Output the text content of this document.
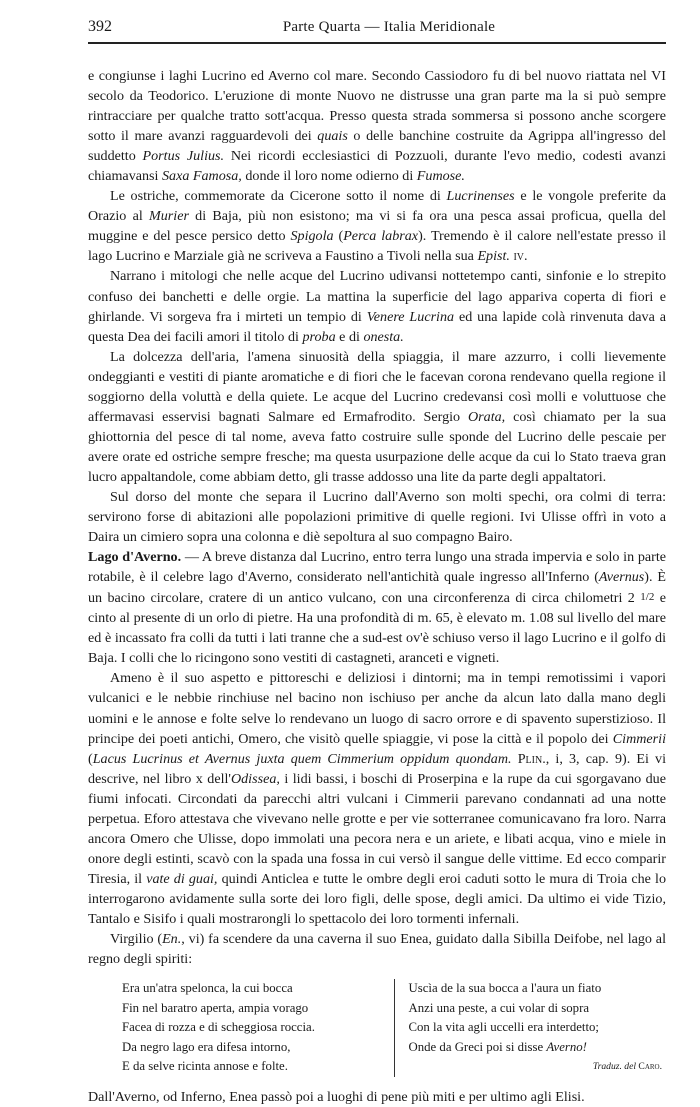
392	Parte Quarta — Italia Meridionale

e congiunse i laghi Lucrino ed Averno col mare. Secondo Cassiodoro fu di bel nuovo riattata nel VI secolo da Teodorico. L'eruzione di monte Nuovo ne distrusse una gran parte ma la si può sempre rintracciare per qualche tratto sott'acqua. Presso questa strada sommersa si possono anche scorgere sotto il mare avanzi ragguardevoli dei quais o delle banchine costruite da Agrippa all'ingresso del suddetto Portus Julius. Nei ricordi ecclesiastici di Pozzuoli, durante l'evo medio, codesti avanzi chiamavansi Saxa Famosa, donde il loro nome odierno di Fumose.

Le ostriche, commemorate da Cicerone sotto il nome di Lucrinenses e le vongole preferite da Orazio al Murier di Baja, più non esistono; ma vi si fa ora una pesca assai proficua, quella del muggine e del pesce persico detto Spigola (Perca labrax). Tremendo è il calore nell'estate presso il lago Lucrino e Marziale già ne scriveva a Faustino a Tivoli nella sua Epist. iv.

Narrano i mitologi che nelle acque del Lucrino udivansi nottetempo canti, sinfonie e lo strepito confuso dei banchetti e delle orgie. La mattina la superficie del lago appariva coperta di fiori e ghirlande. Vi sorgeva fra i mirteti un tempio di Venere Lucrina ed una lapide colà rinvenuta dava a questa Dea dei facili amori il titolo di proba e di onesta.

La dolcezza dell'aria, l'amena sinuosità della spiaggia, il mare azzurro, i colli lievemente ondeggianti e vestiti di piante aromatiche e di fiori che le facevan corona rendevano quella regione il soggiorno della voluttà e della quiete. Le acque del Lucrino credevansi così molli e voluttuose che affermavasi esservisi bagnati Salmare ed Ermafrodito. Sergio Orata, così chiamato per la sua ghiottornia del pesce di tal nome, aveva fatto costruire sulle sponde del Lucrino delle pescaie per avere orate ed ostriche sempre fresche; ma questa usurpazione delle acque da cui lo Stato traeva gran lucro appaltandole, come abbiam detto, gli trasse addosso una lite da parte degli appaltatori.

Sul dorso del monte che separa il Lucrino dall'Averno son molti spechi, ora colmi di terra: servirono forse di abitazioni alle popolazioni primitive di quelle regioni. Ivi Ulisse offrì in voto a Daira un cimiero sopra una colonna e diè sepoltura al suo compagno Bairo.

Lago d'Averno. — A breve distanza dal Lucrino, entro terra lungo una strada impervia e solo in parte rotabile, è il celebre lago d'Averno, considerato nell'antichità quale ingresso all'Inferno (Avernus). È un bacino circolare, cratere di un antico vulcano, con una circonferenza di circa chilometri 2 1/2 e cinto al presente di un orlo di pietre. Ha una profondità di m. 65, è elevato m. 1.08 sul livello del mare ed è incassato fra colli da tutti i lati tranne che a sud-est ov'è schiuso verso il lago Lucrino e il golfo di Baja. I colli che lo ricingono sono vestiti di castagneti, aranceti e vigneti.

Ameno è il suo aspetto e pittoreschi e deliziosi i dintorni; ma in tempi remotissimi i vapori vulcanici e le nebbie rinchiuse nel bacino non ischiuso per anche da alcun lato dalla mano degli uomini e le annose e folte selve lo rendevano un luogo di sacro orrore e di spavento superstizioso. Il principe dei poeti antichi, Omero, che visitò quelle spiaggie, vi pose la città e il popolo dei Cimmerii (Lacus Lucrinus et Avernus juxta quem Cimmerium oppidum quondam. Plin., i, 3, cap. 9). Ei vi descrive, nel libro x dell'Odissea, i lidi bassi, i boschi di Proserpina e la rupe da cui sgorgavano due fiumi infocati. Circondati da parecchi altri vulcani i Cimmerii parevano condannati ad una notte perpetua. Eforo attestava che vivevano nelle grotte e per vie sotterranee comunicavano fra loro. Narra ancora Omero che Ulisse, dopo immolati una pecora nera e un ariete, e libati acqua, vino e miele in onore degli estinti, scavò con la spada una fossa in cui versò il sangue delle vittime. Ed ecco comparir Tiresia, il vate di guai, quindi Anticlea e tutte le ombre degli eroi caduti sotto le mura di Troia che lo interrogarono avidamente sulla sorte dei loro figli, delle spose, degli amici. Da ultimo ei vide Tizio, Tantalo e Sisifo i quali mostrarongli lo spettacolo dei loro tormenti infernali.

Virgilio (En., vi) fa scendere da una caverna il suo Enea, guidato dalla Sibilla Deifobe, nel lago al regno degli spiriti:

Era un'atra spelonca, la cui bocca
Fin nel baratro aperta, ampia vorago
Facea di rozza e di scheggiosa roccia.
Da negro lago era difesa intorno,
E da selve ricinta annose e folte.
Uscìa de la sua bocca a l'aura un fiato
Anzi una peste, a cui volar di sopra
Con la vita agli uccelli era interdetto;
Onde da Greci poi si disse Averno!
Traduz. del Caro.
Dall'Averno, od Inferno, Enea passò poi a luoghi di pene più miti e per ultimo agli Elisi.
